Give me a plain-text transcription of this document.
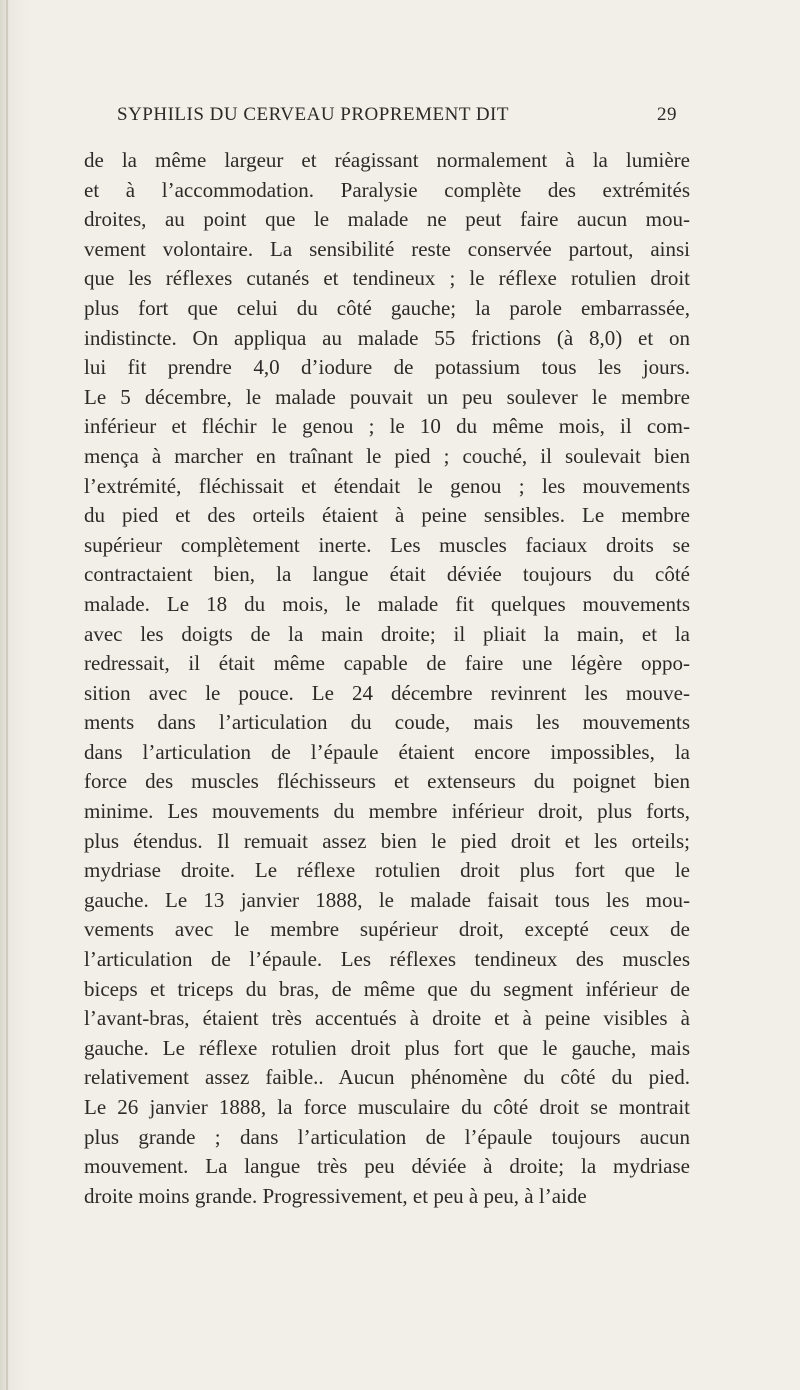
SYPHILIS DU CERVEAU PROPREMENT DIT	29
de la même largeur et réagissant normalement à la lumière
et à l’accommodation. Paralysie complète des extrémités
droites, au point que le malade ne peut faire aucun mou-
vement volontaire. La sensibilité reste conservée partout, ainsi
que les réflexes cutanés et tendineux ; le réflexe rotulien droit
plus fort que celui du côté gauche; la parole embarrassée,
indistincte. On appliqua au malade 55 frictions (à 8,0) et on
lui fit prendre 4,0 d’iodure de potassium tous les jours.
Le 5 décembre, le malade pouvait un peu soulever le membre
inférieur et fléchir le genou ; le 10 du même mois, il com-
mença à marcher en traînant le pied ; couché, il soulevait bien
l’extrémité, fléchissait et étendait le genou ; les mouvements
du pied et des orteils étaient à peine sensibles. Le membre
supérieur complètement inerte. Les muscles faciaux droits se
contractaient bien, la langue était déviée toujours du côté
malade. Le 18 du mois, le malade fit quelques mouvements
avec les doigts de la main droite; il pliait la main, et la
redressait, il était même capable de faire une légère oppo-
sition avec le pouce. Le 24 décembre revinrent les mouve-
ments dans l’articulation du coude, mais les mouvements
dans l’articulation de l’épaule étaient encore impossibles, la
force des muscles fléchisseurs et extenseurs du poignet bien
minime. Les mouvements du membre inférieur droit, plus forts,
plus étendus. Il remuait assez bien le pied droit et les orteils;
mydriase droite. Le réflexe rotulien droit plus fort que le
gauche. Le 13 janvier 1888, le malade faisait tous les mou-
vements avec le membre supérieur droit, excepté ceux de
l’articulation de l’épaule. Les réflexes tendineux des muscles
biceps et triceps du bras, de même que du segment inférieur de
l’avant-bras, étaient très accentués à droite et à peine visibles à
gauche. Le réflexe rotulien droit plus fort que le gauche, mais
relativement assez faible.. Aucun phénomène du côté du pied.
Le 26 janvier 1888, la force musculaire du côté droit se montrait
plus grande ; dans l’articulation de l’épaule toujours aucun
mouvement. La langue très peu déviée à droite; la mydriase
droite moins grande. Progressivement, et peu à peu, à l’aide
